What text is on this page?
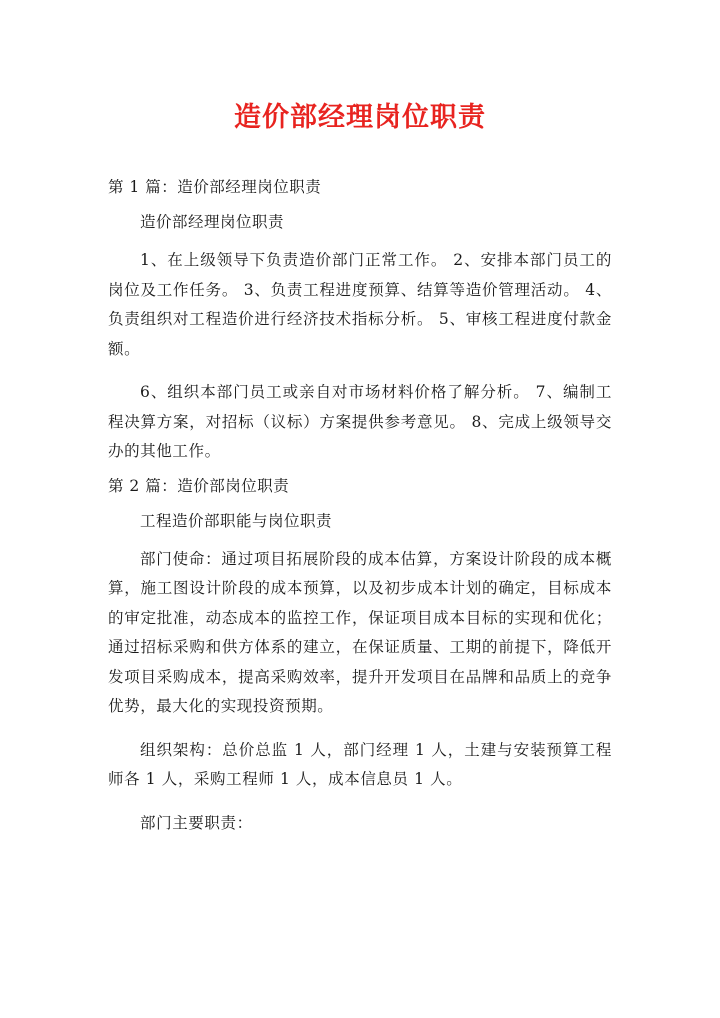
造价部经理岗位职责
第 1 篇：造价部经理岗位职责
造价部经理岗位职责

1、在上级领导下负责造价部门正常工作。 2、安排本部门员工的岗位及工作任务。 3、负责工程进度预算、结算等造价管理活动。 4、负责组织对工程造价进行经济技术指标分析。 5、审核工程进度付款金额。

6、组织本部门员工或亲自对市场材料价格了解分析。 7、编制工程决算方案，对招标（议标）方案提供参考意见。 8、完成上级领导交办的其他工作。

第 2 篇：造价部岗位职责
工程造价部职能与岗位职责

部门使命：通过项目拓展阶段的成本估算，方案设计阶段的成本概算，施工图设计阶段的成本预算，以及初步成本计划的确定，目标成本的审定批准，动态成本的监控工作，保证项目成本目标的实现和优化；通过招标采购和供方体系的建立，在保证质量、工期的前提下，降低开发项目采购成本，提高采购效率，提升开发项目在品牌和品质上的竞争优势，最大化的实现投资预期。

组织架构：总价总监 1 人，部门经理 1 人，土建与安装预算工程师各 1 人，采购工程师 1 人，成本信息员 1 人。

部门主要职责：
